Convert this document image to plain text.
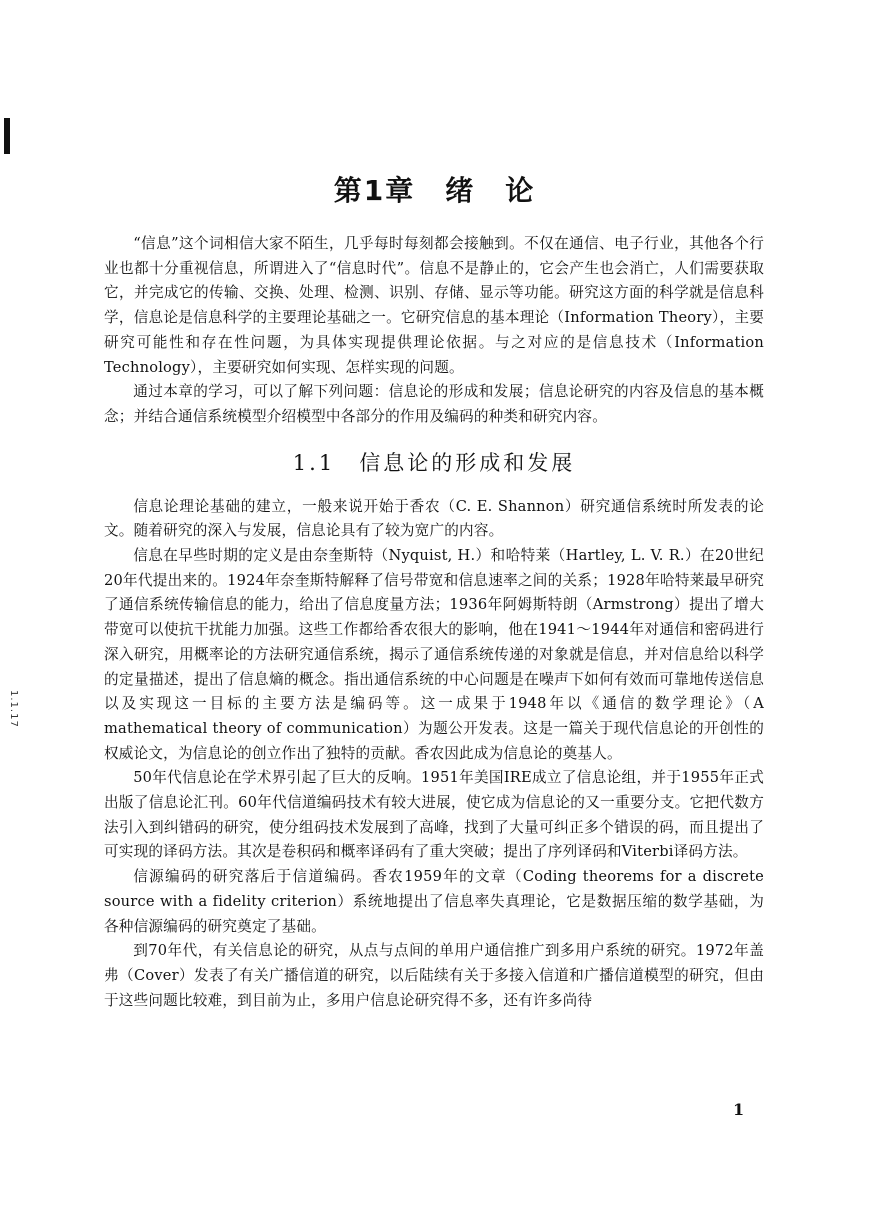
1.1.17
第1章　绪　论

“信息”这个词相信大家不陌生，几乎每时每刻都会接触到。不仅在通信、电子行业，其他各个行业也都十分重视信息，所谓进入了“信息时代”。信息不是静止的，它会产生也会消亡，人们需要获取它，并完成它的传输、交换、处理、检测、识别、存储、显示等功能。研究这方面的科学就是信息科学，信息论是信息科学的主要理论基础之一。它研究信息的基本理论（Information Theory），主要研究可能性和存在性问题，为具体实现提供理论依据。与之对应的是信息技术（Information Technology），主要研究如何实现、怎样实现的问题。

通过本章的学习，可以了解下列问题：信息论的形成和发展；信息论研究的内容及信息的基本概念；并结合通信系统模型介绍模型中各部分的作用及编码的种类和研究内容。

1.1　信息论的形成和发展

信息论理论基础的建立，一般来说开始于香农（C. E. Shannon）研究通信系统时所发表的论文。随着研究的深入与发展，信息论具有了较为宽广的内容。

信息在早些时期的定义是由奈奎斯特（Nyquist, H.）和哈特莱（Hartley, L. V. R.）在20世纪20年代提出来的。1924年奈奎斯特解释了信号带宽和信息速率之间的关系；1928年哈特莱最早研究了通信系统传输信息的能力，给出了信息度量方法；1936年阿姆斯特朗（Armstrong）提出了增大带宽可以使抗干扰能力加强。这些工作都给香农很大的影响，他在1941～1944年对通信和密码进行深入研究，用概率论的方法研究通信系统，揭示了通信系统传递的对象就是信息，并对信息给以科学的定量描述，提出了信息熵的概念。指出通信系统的中心问题是在噪声下如何有效而可靠地传送信息以及实现这一目标的主要方法是编码等。这一成果于1948年以《通信的数学理论》（A mathematical theory of communication）为题公开发表。这是一篇关于现代信息论的开创性的权威论文，为信息论的创立作出了独特的贡献。香农因此成为信息论的奠基人。

50年代信息论在学术界引起了巨大的反响。1951年美国IRE成立了信息论组，并于1955年正式出版了信息论汇刊。60年代信道编码技术有较大进展，使它成为信息论的又一重要分支。它把代数方法引入到纠错码的研究，使分组码技术发展到了高峰，找到了大量可纠正多个错误的码，而且提出了可实现的译码方法。其次是卷积码和概率译码有了重大突破；提出了序列译码和Viterbi译码方法。

信源编码的研究落后于信道编码。香农1959年的文章（Coding theorems for a discrete source with a fidelity criterion）系统地提出了信息率失真理论，它是数据压缩的数学基础，为各种信源编码的研究奠定了基础。

到70年代，有关信息论的研究，从点与点间的单用户通信推广到多用户系统的研究。1972年盖弗（Cover）发表了有关广播信道的研究，以后陆续有关于多接入信道和广播信道模型的研究，但由于这些问题比较难，到目前为止，多用户信息论研究得不多，还有许多尚待

1
